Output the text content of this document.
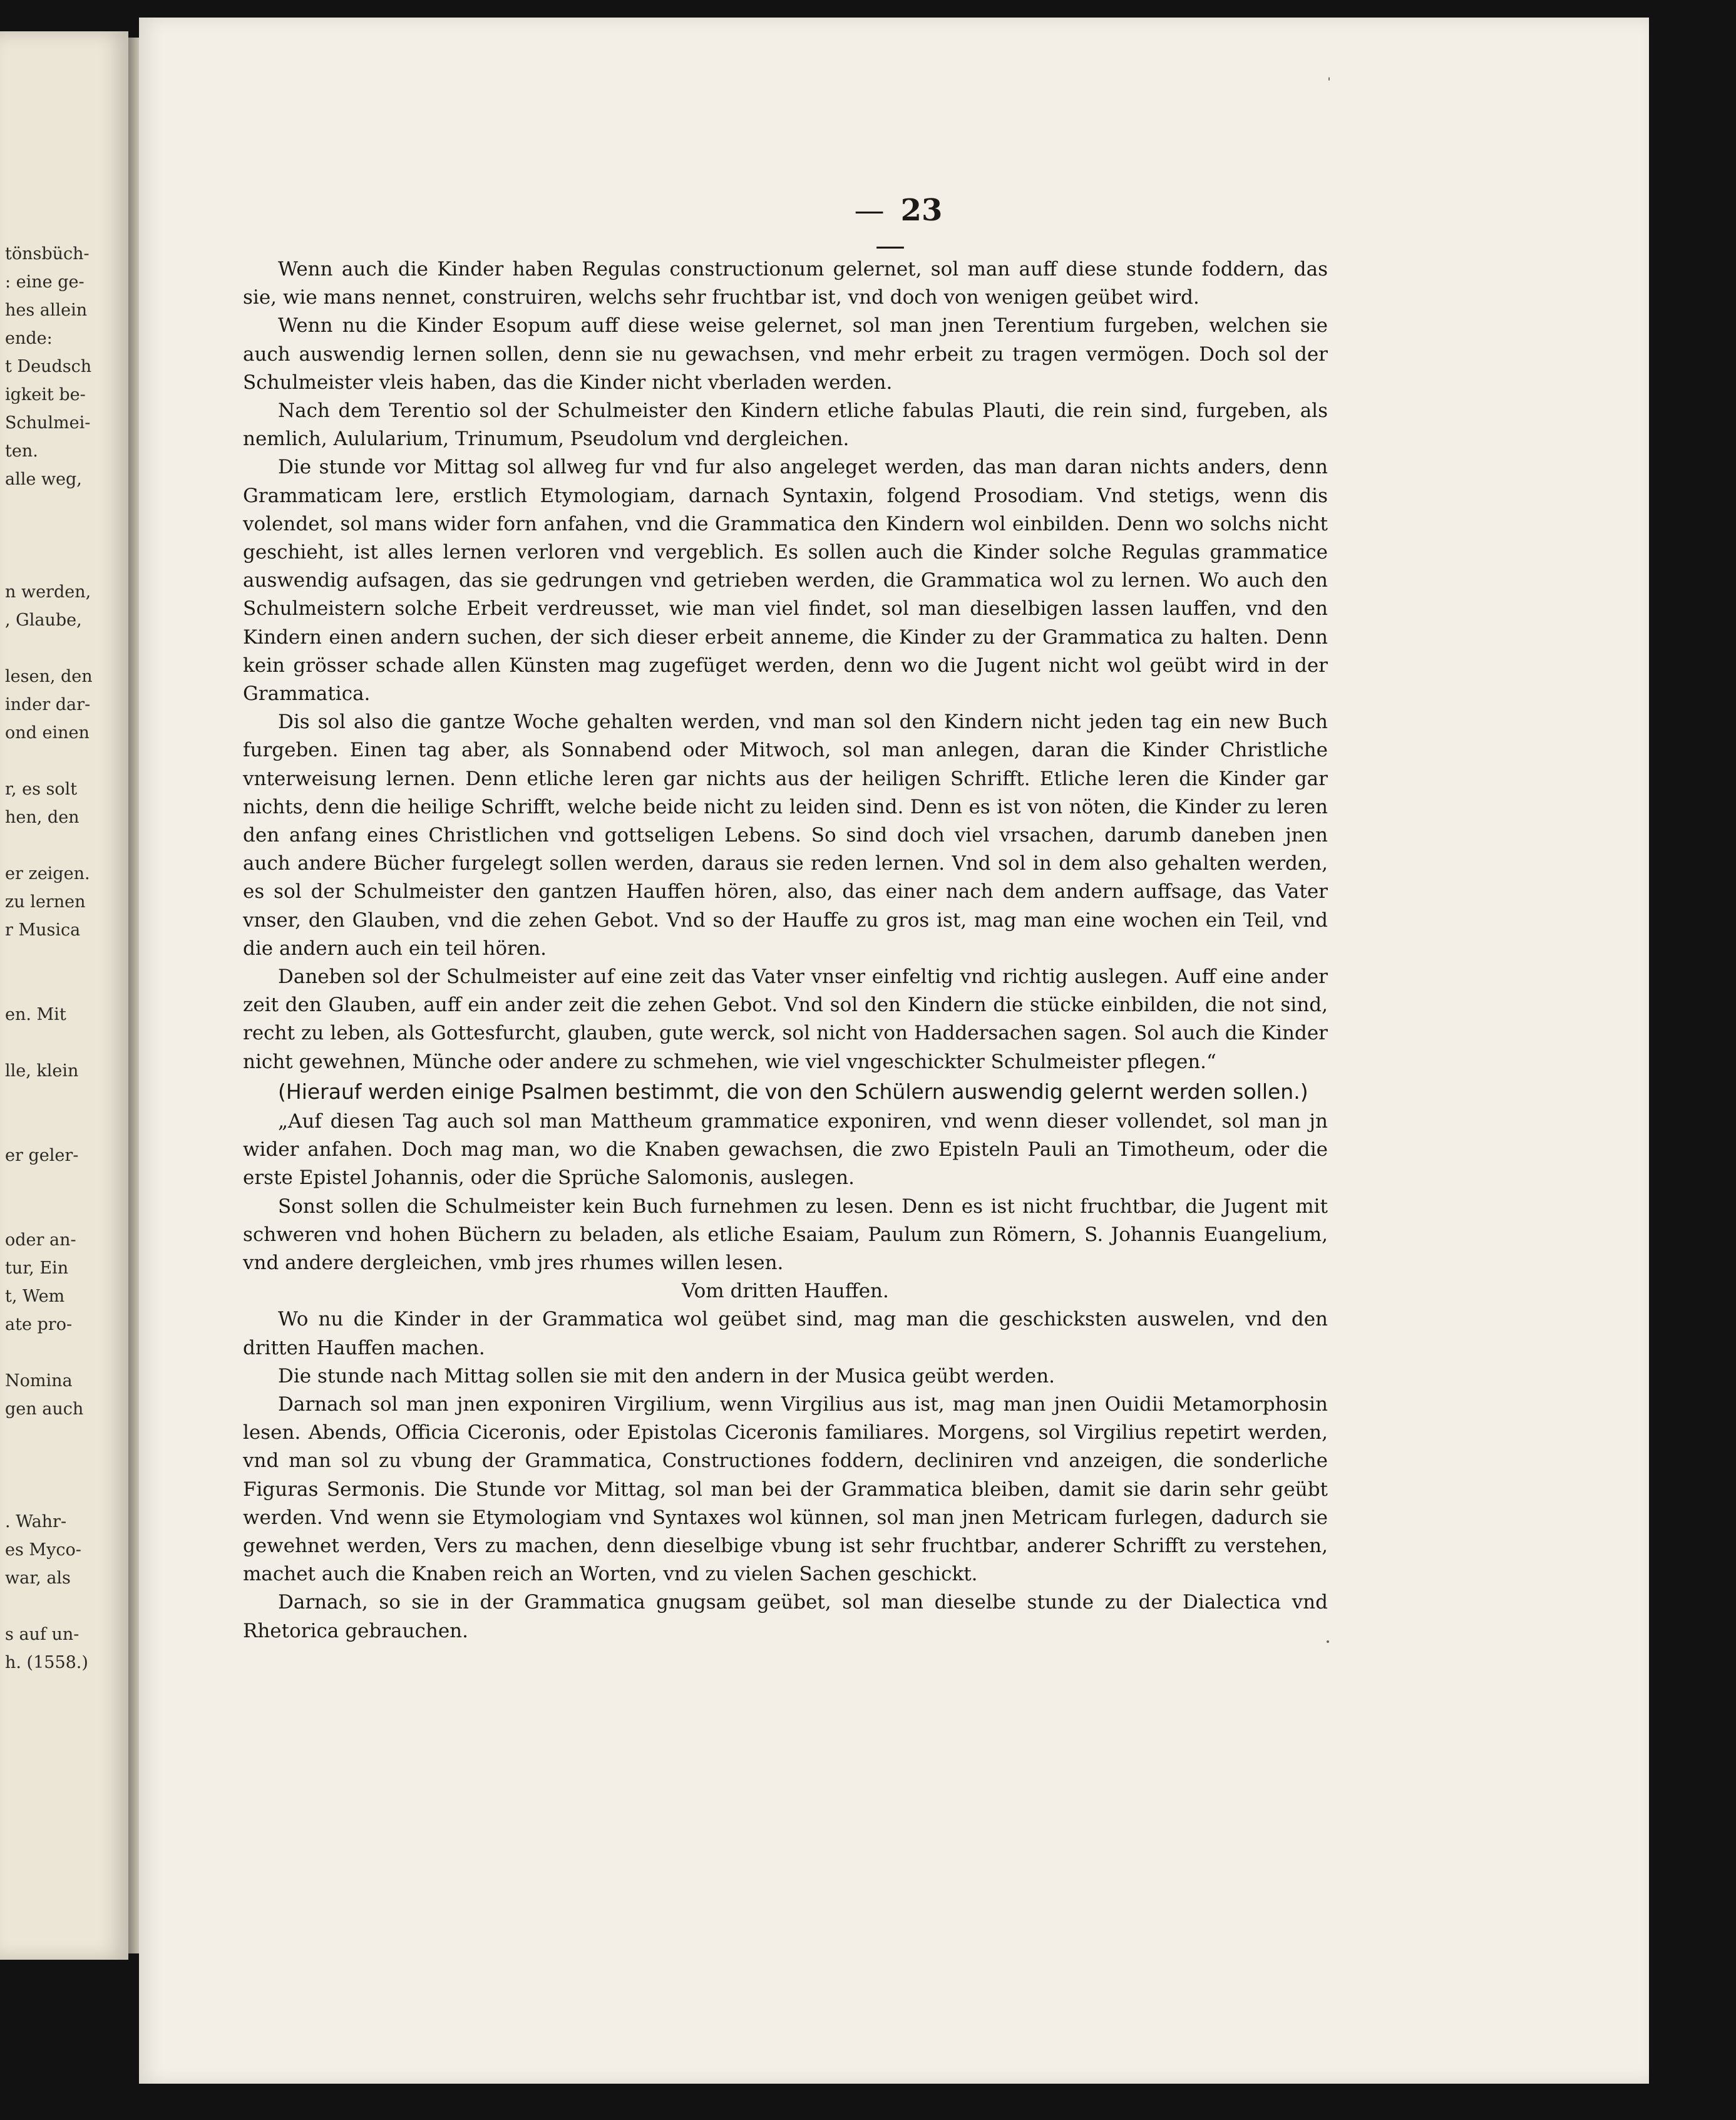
tönsbüch-
: eine ge-
hes allein
ende:
t Deudsch
igkeit be-
Schulmei-
ten.
alle weg,
n werden,
, Glaube,
lesen, den
inder dar-
ond einen
r, es solt
hen, den
er zeigen.
zu lernen
r Musica
en. Mit
lle, klein
er geler-
oder an-
tur, Ein
t, Wem
ate pro-
Nomina
gen auch
. Wahr-
es Myco-
war, als
s auf un-
h. (1558.)
— 23—

Wenn auch die Kinder haben Regulas constructionum gelernet, sol man auff diese stunde foddern, das sie, wie mans nennet, construiren, welchs sehr fruchtbar ist, vnd doch von wenigen geübet wird.

Wenn nu die Kinder Esopum auff diese weise gelernet, sol man jnen Terentium furgeben, welchen sie auch auswendig lernen sollen, denn sie nu gewachsen, vnd mehr erbeit zu tragen vermögen. Doch sol der Schulmeister vleis haben, das die Kinder nicht vberladen werden.

Nach dem Terentio sol der Schulmeister den Kindern etliche fabulas Plauti, die rein sind, furgeben, als nemlich, Aulularium, Trinumum, Pseudolum vnd dergleichen.

Die stunde vor Mittag sol allweg fur vnd fur also angeleget werden, das man daran nichts anders, denn Grammaticam lere, erstlich Etymologiam, darnach Syntaxin, folgend Prosodiam. Vnd stetigs, wenn dis volendet, sol mans wider forn anfahen, vnd die Grammatica den Kindern wol einbilden. Denn wo solchs nicht geschieht, ist alles lernen verloren vnd vergeblich. Es sollen auch die Kinder solche Regulas grammatice auswendig aufsagen, das sie gedrungen vnd getrieben werden, die Grammatica wol zu lernen. Wo auch den Schulmeistern solche Erbeit verdreusset, wie man viel findet, sol man dieselbigen lassen lauffen, vnd den Kindern einen andern suchen, der sich dieser erbeit anneme, die Kinder zu der Grammatica zu halten. Denn kein grösser schade allen Künsten mag zugefüget werden, denn wo die Jugent nicht wol geübt wird in der Grammatica.

Dis sol also die gantze Woche gehalten werden, vnd man sol den Kindern nicht jeden tag ein new Buch furgeben. Einen tag aber, als Sonnabend oder Mitwoch, sol man anlegen, daran die Kinder Christliche vnterweisung lernen. Denn etliche leren gar nichts aus der heiligen Schrifft. Etliche leren die Kinder gar nichts, denn die heilige Schrifft, welche beide nicht zu leiden sind. Denn es ist von nöten, die Kinder zu leren den anfang eines Christlichen vnd gottseligen Lebens. So sind doch viel vrsachen, darumb daneben jnen auch andere Bücher furgelegt sollen werden, daraus sie reden lernen. Vnd sol in dem also gehalten werden, es sol der Schulmeister den gantzen Hauffen hören, also, das einer nach dem andern auffsage, das Vater vnser, den Glauben, vnd die zehen Gebot. Vnd so der Hauffe zu gros ist, mag man eine wochen ein Teil, vnd die andern auch ein teil hören.

Daneben sol der Schulmeister auf eine zeit das Vater vnser einfeltig vnd richtig auslegen. Auff eine ander zeit den Glauben, auff ein ander zeit die zehen Gebot. Vnd sol den Kindern die stücke einbilden, die not sind, recht zu leben, als Gottesfurcht, glauben, gute werck, sol nicht von Haddersachen sagen. Sol auch die Kinder nicht gewehnen, Münche oder andere zu schmehen, wie viel vngeschickter Schulmeister pflegen.“

(Hierauf werden einige Psalmen bestimmt, die von den Schülern auswendig gelernt werden sollen.)

„Auf diesen Tag auch sol man Mattheum grammatice exponiren, vnd wenn dieser vollendet, sol man jn wider anfahen. Doch mag man, wo die Knaben gewachsen, die zwo Episteln Pauli an Timotheum, oder die erste Epistel Johannis, oder die Sprüche Salomonis, auslegen.

Sonst sollen die Schulmeister kein Buch furnehmen zu lesen. Denn es ist nicht fruchtbar, die Jugent mit schweren vnd hohen Büchern zu beladen, als etliche Esaiam, Paulum zun Römern, S. Johannis Euangelium, vnd andere dergleichen, vmb jres rhumes willen lesen.

Vom dritten Hauffen.

Wo nu die Kinder in der Grammatica wol geübet sind, mag man die geschicksten auswelen, vnd den dritten Hauffen machen.

Die stunde nach Mittag sollen sie mit den andern in der Musica geübt werden.

Darnach sol man jnen exponiren Virgilium, wenn Virgilius aus ist, mag man jnen Ouidii Metamorphosin lesen. Abends, Officia Ciceronis, oder Epistolas Ciceronis familiares. Morgens, sol Virgilius repetirt werden, vnd man sol zu vbung der Grammatica, Constructiones foddern, decliniren vnd anzeigen, die sonderliche Figuras Sermonis. Die Stunde vor Mittag, sol man bei der Grammatica bleiben, damit sie darin sehr geübt werden. Vnd wenn sie Etymologiam vnd Syntaxes wol künnen, sol man jnen Metricam furlegen, dadurch sie gewehnet werden, Vers zu machen, denn dieselbige vbung ist sehr fruchtbar, anderer Schrifft zu verstehen, machet auch die Knaben reich an Worten, vnd zu vielen Sachen geschickt.

Darnach, so sie in der Grammatica gnugsam geübet, sol man dieselbe stunde zu der Dialectica vnd Rhetorica gebrauchen.
